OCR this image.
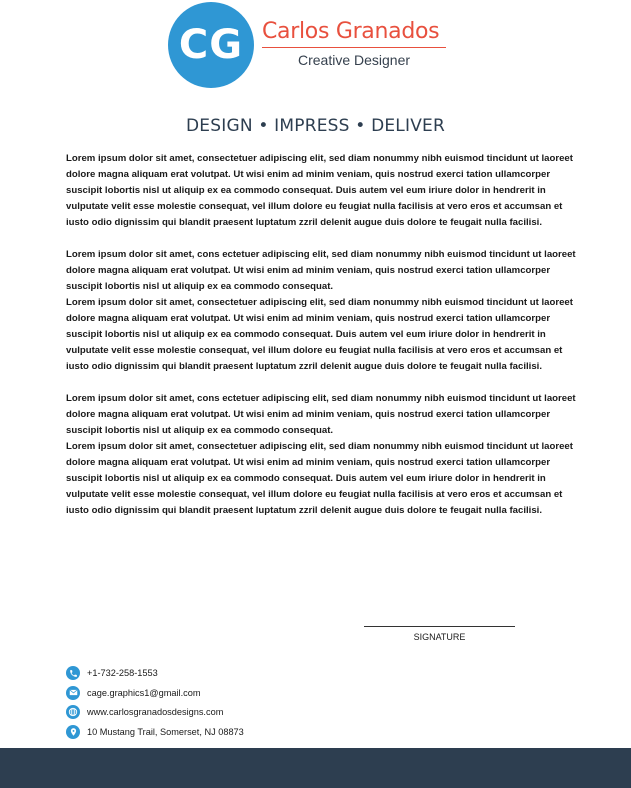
CG Carlos Granados
Creative Designer
DESIGN • IMPRESS • DELIVER

Lorem ipsum dolor sit amet, consectetuer adipiscing elit, sed diam nonummy nibh euismod tincidunt ut laoreet dolore magna aliquam erat volutpat. Ut wisi enim ad minim veniam, quis nostrud exerci tation ullamcorper suscipit lobortis nisl ut aliquip ex ea commodo consequat. Duis autem vel eum iriure dolor in hendrerit in vulputate velit esse molestie consequat, vel illum dolore eu feugiat nulla facilisis at vero eros et accumsan et iusto odio dignissim qui blandit praesent luptatum zzril delenit augue duis dolore te feugait nulla facilisi.

Lorem ipsum dolor sit amet, cons ectetuer adipiscing elit, sed diam nonummy nibh euismod tincidunt ut laoreet dolore magna aliquam erat volutpat. Ut wisi enim ad minim veniam, quis nostrud exerci tation ullamcorper suscipit lobortis nisl ut aliquip ex ea commodo consequat.

Lorem ipsum dolor sit amet, consectetuer adipiscing elit, sed diam nonummy nibh euismod tincidunt ut laoreet dolore magna aliquam erat volutpat. Ut wisi enim ad minim veniam, quis nostrud exerci tation ullamcorper suscipit lobortis nisl ut aliquip ex ea commodo consequat. Duis autem vel eum iriure dolor in hendrerit in vulputate velit esse molestie consequat, vel illum dolore eu feugiat nulla facilisis at vero eros et accumsan et iusto odio dignissim qui blandit praesent luptatum zzril delenit augue duis dolore te feugait nulla facilisi.

Lorem ipsum dolor sit amet, cons ectetuer adipiscing elit, sed diam nonummy nibh euismod tincidunt ut laoreet dolore magna aliquam erat volutpat. Ut wisi enim ad minim veniam, quis nostrud exerci tation ullamcorper suscipit lobortis nisl ut aliquip ex ea commodo consequat.

Lorem ipsum dolor sit amet, consectetuer adipiscing elit, sed diam nonummy nibh euismod tincidunt ut laoreet dolore magna aliquam erat volutpat. Ut wisi enim ad minim veniam, quis nostrud exerci tation ullamcorper suscipit lobortis nisl ut aliquip ex ea commodo consequat. Duis autem vel eum iriure dolor in hendrerit in vulputate velit esse molestie consequat, vel illum dolore eu feugiat nulla facilisis at vero eros et accumsan et iusto odio dignissim qui blandit praesent luptatum zzril delenit augue duis dolore te feugait nulla facilisi.

SIGNATURE
+1-732-258-1553
cage.graphics1@gmail.com
www.carlosgranadosdesigns.com
10 Mustang Trail, Somerset, NJ 08873
